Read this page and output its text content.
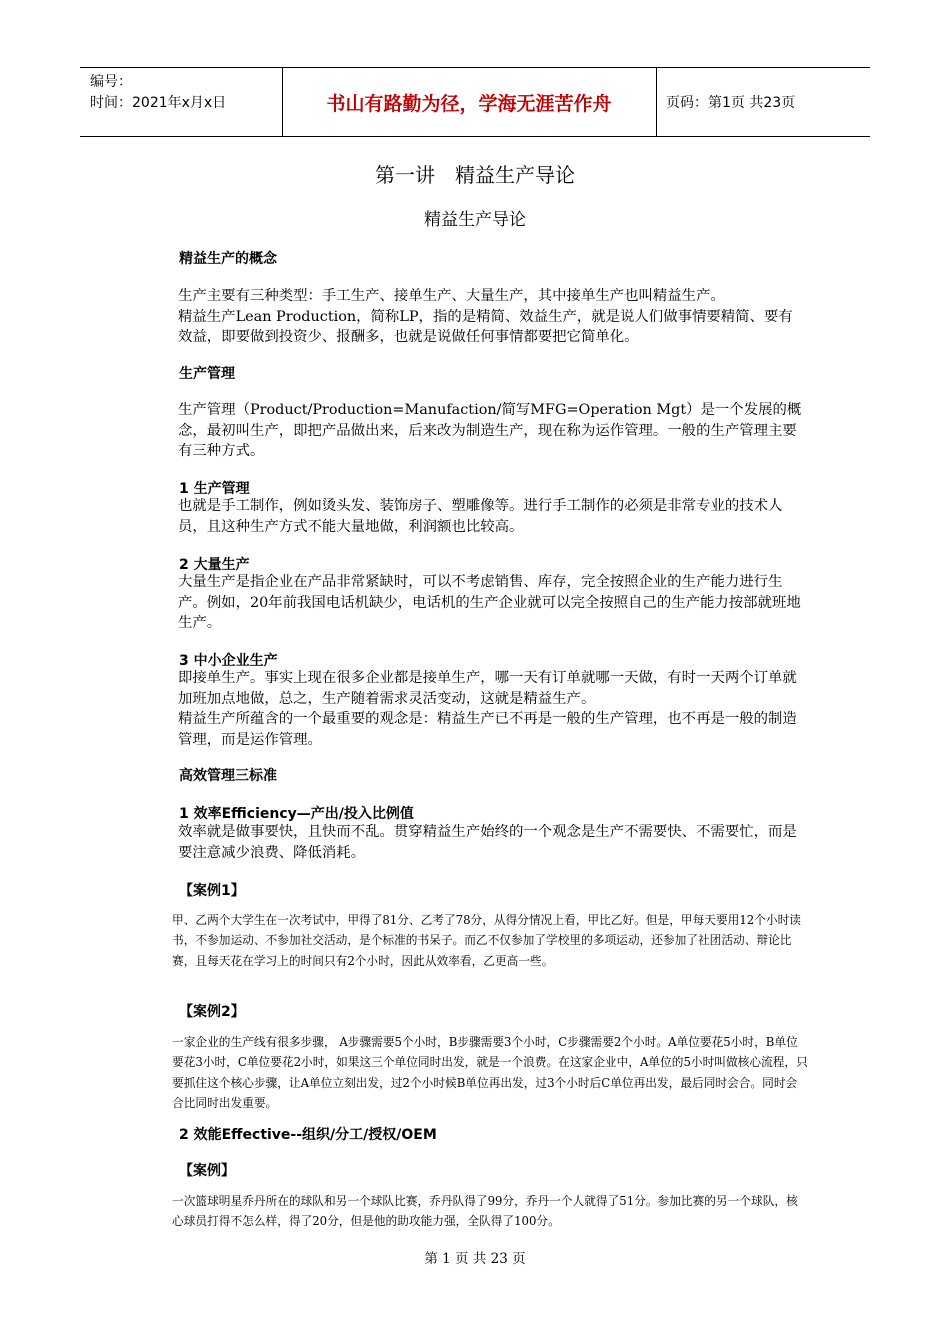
编号：
时间：2021年x月x日	书山有路勤为径，学海无涯苦作舟	页码：第1页 共23页
第一讲　精益生产导论
精益生产导论
精益生产的概念
生产主要有三种类型：手工生产、接单生产、大量生产，其中接单生产也叫精益生产。
精益生产Lean Production，简称LP，指的是精简、效益生产，就是说人们做事情要精简、要有效益，即要做到投资少、报酬多，也就是说做任何事情都要把它简单化。
生产管理
生产管理（Product/Production=Manufaction/简写MFG=Operation Mgt）是一个发展的概念，最初叫生产，即把产品做出来，后来改为制造生产，现在称为运作管理。一般的生产管理主要有三种方式。
1 生产管理
也就是手工制作，例如烫头发、装饰房子、塑雕像等。进行手工制作的必须是非常专业的技术人员，且这种生产方式不能大量地做，利润额也比较高。
2 大量生产
大量生产是指企业在产品非常紧缺时，可以不考虑销售、库存，完全按照企业的生产能力进行生产。例如，20年前我国电话机缺少，电话机的生产企业就可以完全按照自己的生产能力按部就班地生产。
3 中小企业生产
即接单生产。事实上现在很多企业都是接单生产，哪一天有订单就哪一天做，有时一天两个订单就加班加点地做，总之，生产随着需求灵活变动，这就是精益生产。
精益生产所蕴含的一个最重要的观念是：精益生产已不再是一般的生产管理，也不再是一般的制造管理，而是运作管理。
高效管理三标准
1 效率Efficiency—产出/投入比例值
效率就是做事要快，且快而不乱。贯穿精益生产始终的一个观念是生产不需要快、不需要忙，而是要注意减少浪费、降低消耗。
【案例1】
甲、乙两个大学生在一次考试中，甲得了81分、乙考了78分，从得分情况上看，甲比乙好。但是，甲每天要用12个小时读书，不参加运动、不参加社交活动，是个标准的书呆子。而乙不仅参加了学校里的多项运动，还参加了社团活动、辩论比赛，且每天花在学习上的时间只有2个小时，因此从效率看，乙更高一些。
【案例2】
一家企业的生产线有很多步骤， A步骤需要5个小时，B步骤需要3个小时，C步骤需要2个小时。A单位要花5小时，B单位要花3小时，C单位要花2小时，如果这三个单位同时出发，就是一个浪费。在这家企业中，A单位的5小时叫做核心流程，只要抓住这个核心步骤，让A单位立刻出发，过2个小时候B单位再出发，过3个小时后C单位再出发，最后同时会合。同时会合比同时出发重要。
2 效能Effective--组织/分工/授权/OEM
【案例】
一次篮球明星乔丹所在的球队和另一个球队比赛，乔丹队得了99分，乔丹一个人就得了51分。参加比赛的另一个球队，核心球员打得不怎么样，得了20分，但是他的助攻能力强，全队得了100分。
第 1 页 共 23 页
